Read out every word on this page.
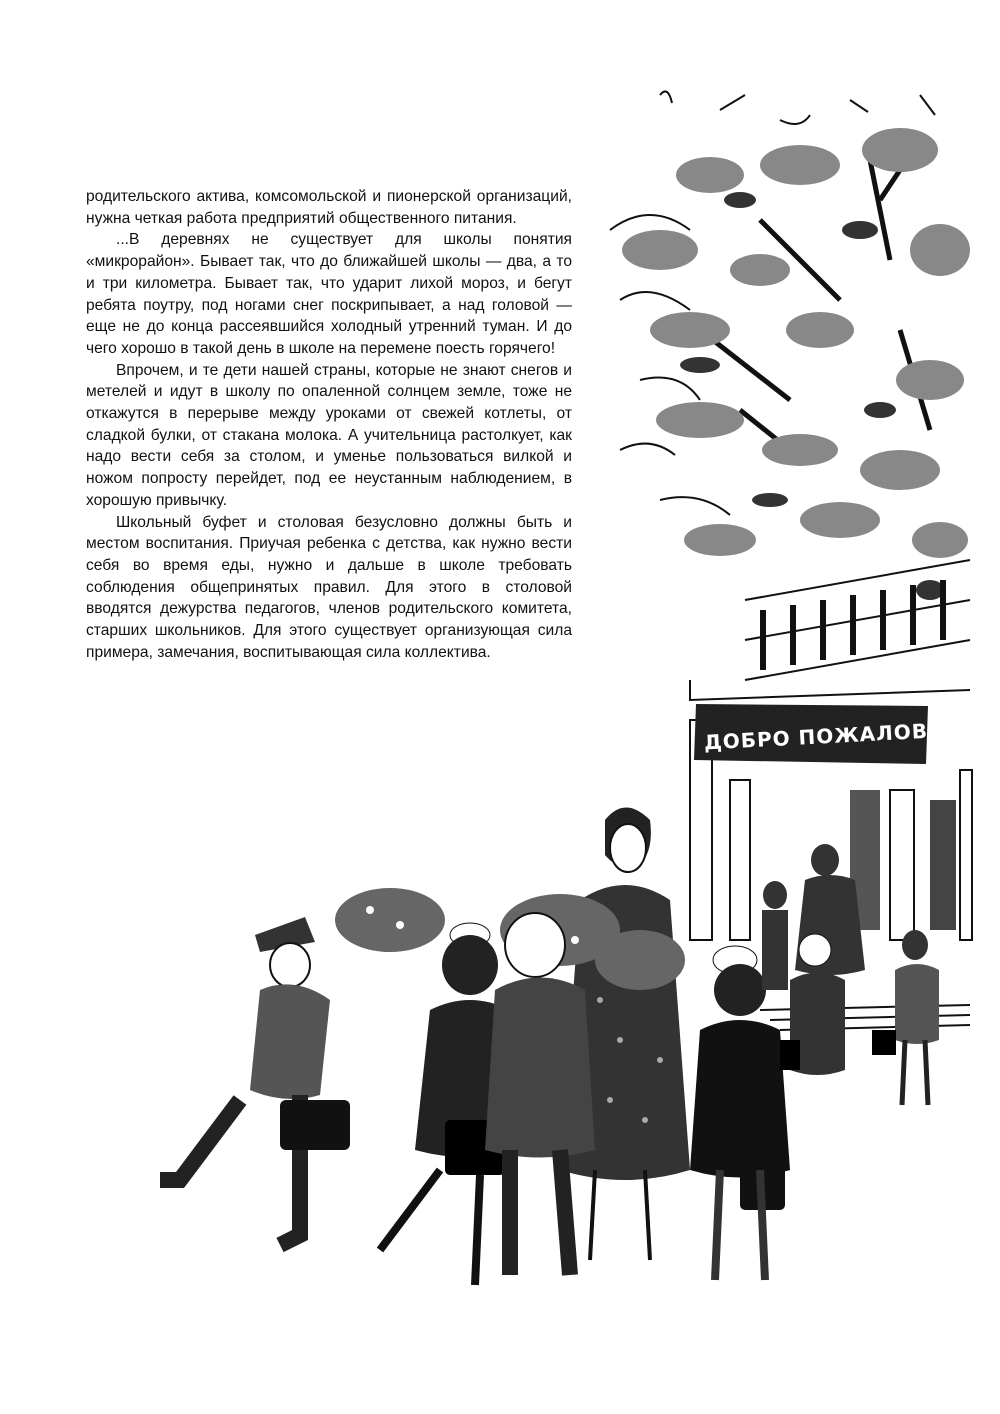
родительского актива, комсомольской и пионерской организаций, нужна четкая работа предприятий общественного питания.

...В деревнях не существует для школы понятия «микрорайон». Бывает так, что до ближайшей школы — два, а то и три километра. Бывает так, что ударит лихой мороз, и бегут ребята поутру, под ногами снег поскрипывает, а над головой — еще не до конца рассеявшийся холодный утренний туман. И до чего хорошо в такой день в школе на перемене поесть горячего!

Впрочем, и те дети нашей страны, которые не знают снегов и метелей и идут в школу по опаленной солнцем земле, тоже не откажутся в перерыве между уроками от свежей котлеты, от сладкой булки, от стакана молока. А учительница растолкует, как надо вести себя за столом, и уменье пользоваться вилкой и ножом попросту перейдет, под ее неустанным наблюдением, в хорошую привычку.

Школьный буфет и столовая безусловно должны быть и местом воспитания. Приучая ребенка с детства, как нужно вести себя во время еды, нужно и дальше в школе требовать соблюдения общепринятых правил. Для этого в столовой вводятся дежурства педагогов, членов родительского комитета, старших школьников. Для этого существует организующая сила примера, замечания, воспитывающая сила коллектива.

ДОБРО ПОЖАЛОВАТЬ!
